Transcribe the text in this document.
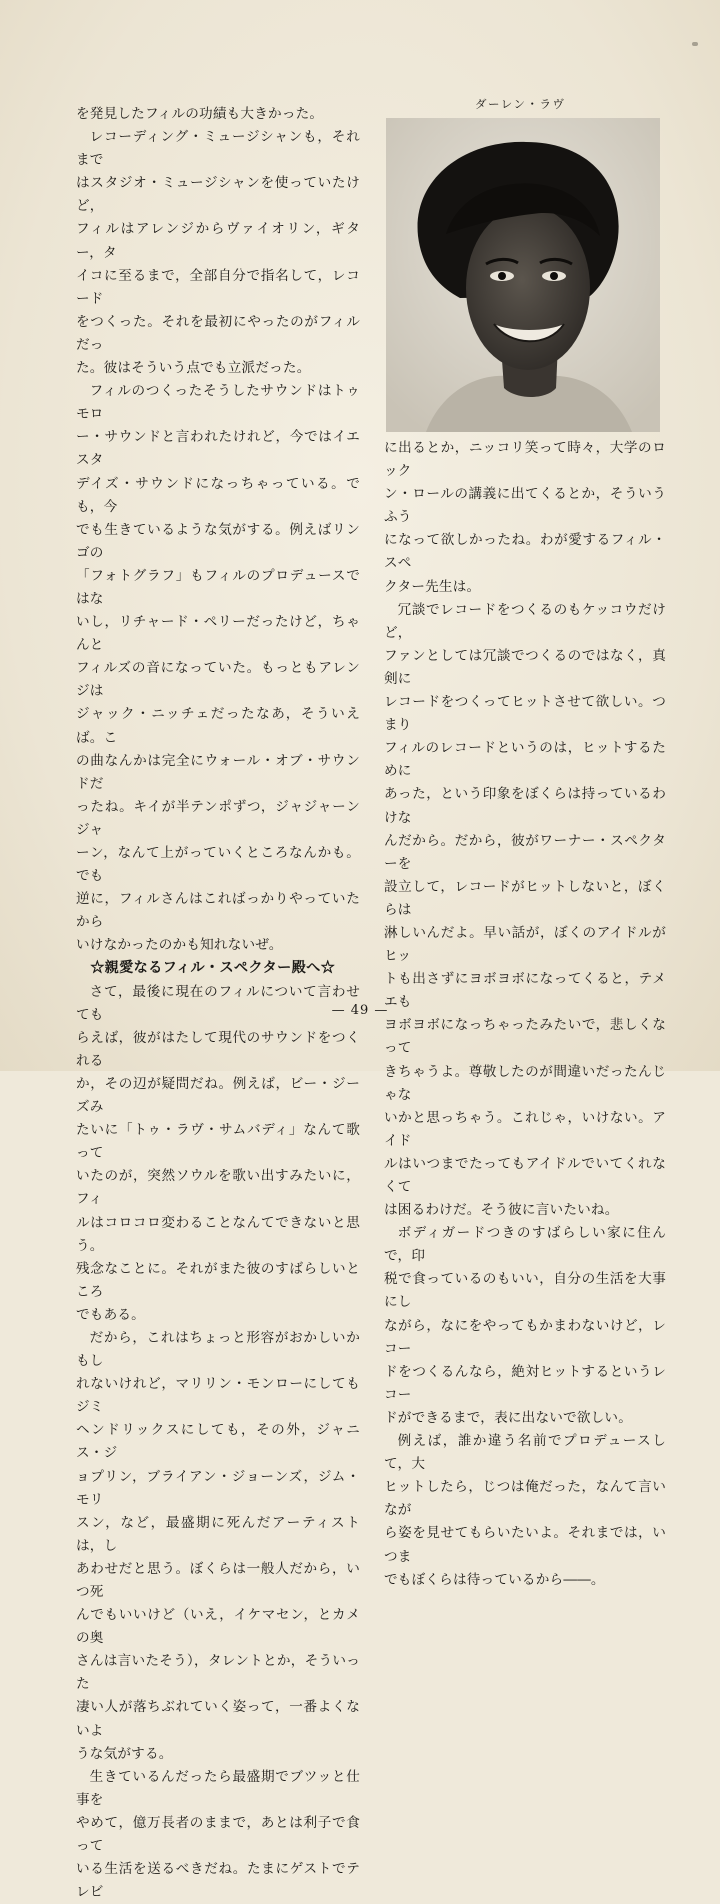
を発見したフィルの功績も大きかった。

レコーディング・ミュージシャンも，それまで
はスタジオ・ミュージシャンを使っていたけど，
フィルはアレンジからヴァイオリン，ギター，タ
イコに至るまで，全部自分で指名して，レコード
をつくった。それを最初にやったのがフィルだっ
た。彼はそういう点でも立派だった。

フィルのつくったそうしたサウンドはトゥモロ
ー・サウンドと言われたけれど，今ではイエスタ
デイズ・サウンドになっちゃっている。でも，今
でも生きているような気がする。例えばリンゴの
「フォトグラフ」もフィルのプロデュースではな
いし，リチャード・ペリーだったけど，ちゃんと
フィルズの音になっていた。もっともアレンジは
ジャック・ニッチェだったなあ，そういえば。こ
の曲なんかは完全にウォール・オブ・サウンドだ
ったね。キイが半テンポずつ，ジャジャーンジャ
ーン，なんて上がっていくところなんかも。でも
逆に，フィルさんはこればっかりやっていたから
いけなかったのかも知れないぜ。

☆親愛なるフィル・スペクター殿へ☆

さて，最後に現在のフィルについて言わせても
らえば，彼がはたして現代のサウンドをつくれる
か，その辺が疑問だね。例えば，ビー・ジーズみ
たいに「トゥ・ラヴ・サムバディ」なんて歌って
いたのが，突然ソウルを歌い出すみたいに，フィ
ルはコロコロ変わることなんてできないと思う。
残念なことに。それがまた彼のすばらしいところ
でもある。

だから，これはちょっと形容がおかしいかもし
れないけれど，マリリン・モンローにしてもジミ
ヘンドリックスにしても，その外，ジャニス・ジ
ョプリン，ブライアン・ジョーンズ，ジム・モリ
スン，など，最盛期に死んだアーティストは，し
あわせだと思う。ぼくらは一般人だから，いつ死
んでもいいけど（いえ，イケマセン，とカメの奥
さんは言いたそう），タレントとか，そういった
凄い人が落ちぶれていく姿って，一番よくないよ
うな気がする。

生きているんだったら最盛期でブツッと仕事を
やめて，億万長者のままで，あとは利子で食って
いる生活を送るべきだね。たまにゲストでテレビ

ダーレン・ラヴ

に出るとか，ニッコリ笑って時々，大学のロック
ン・ロールの講義に出てくるとか，そういうふう
になって欲しかったね。わが愛するフィル・スペ
クター先生は。

冗談でレコードをつくるのもケッコウだけど，
ファンとしては冗談でつくるのではなく，真剣に
レコードをつくってヒットさせて欲しい。つまり
フィルのレコードというのは，ヒットするために
あった，という印象をぼくらは持っているわけな
んだから。だから，彼がワーナー・スペクターを
設立して，レコードがヒットしないと，ぼくらは
淋しいんだよ。早い話が，ぼくのアイドルがヒッ
トも出さずにヨボヨボになってくると，テメエも
ヨボヨボになっちゃったみたいで，悲しくなって
きちゃうよ。尊敬したのが間違いだったんじゃな
いかと思っちゃう。これじゃ，いけない。アイド
ルはいつまでたってもアイドルでいてくれなくて
は困るわけだ。そう彼に言いたいね。

ボディガードつきのすばらしい家に住んで，印
税で食っているのもいい，自分の生活を大事にし
ながら，なにをやってもかまわないけど，レコー
ドをつくるんなら，絶対ヒットするというレコー
ドができるまで，表に出ないで欲しい。

例えば，誰か違う名前でプロデュースして，大
ヒットしたら，じつは俺だった，なんて言いなが
ら姿を見せてもらいたいよ。それまでは，いつま
でもぼくらは待っているから――。

— 49 —
